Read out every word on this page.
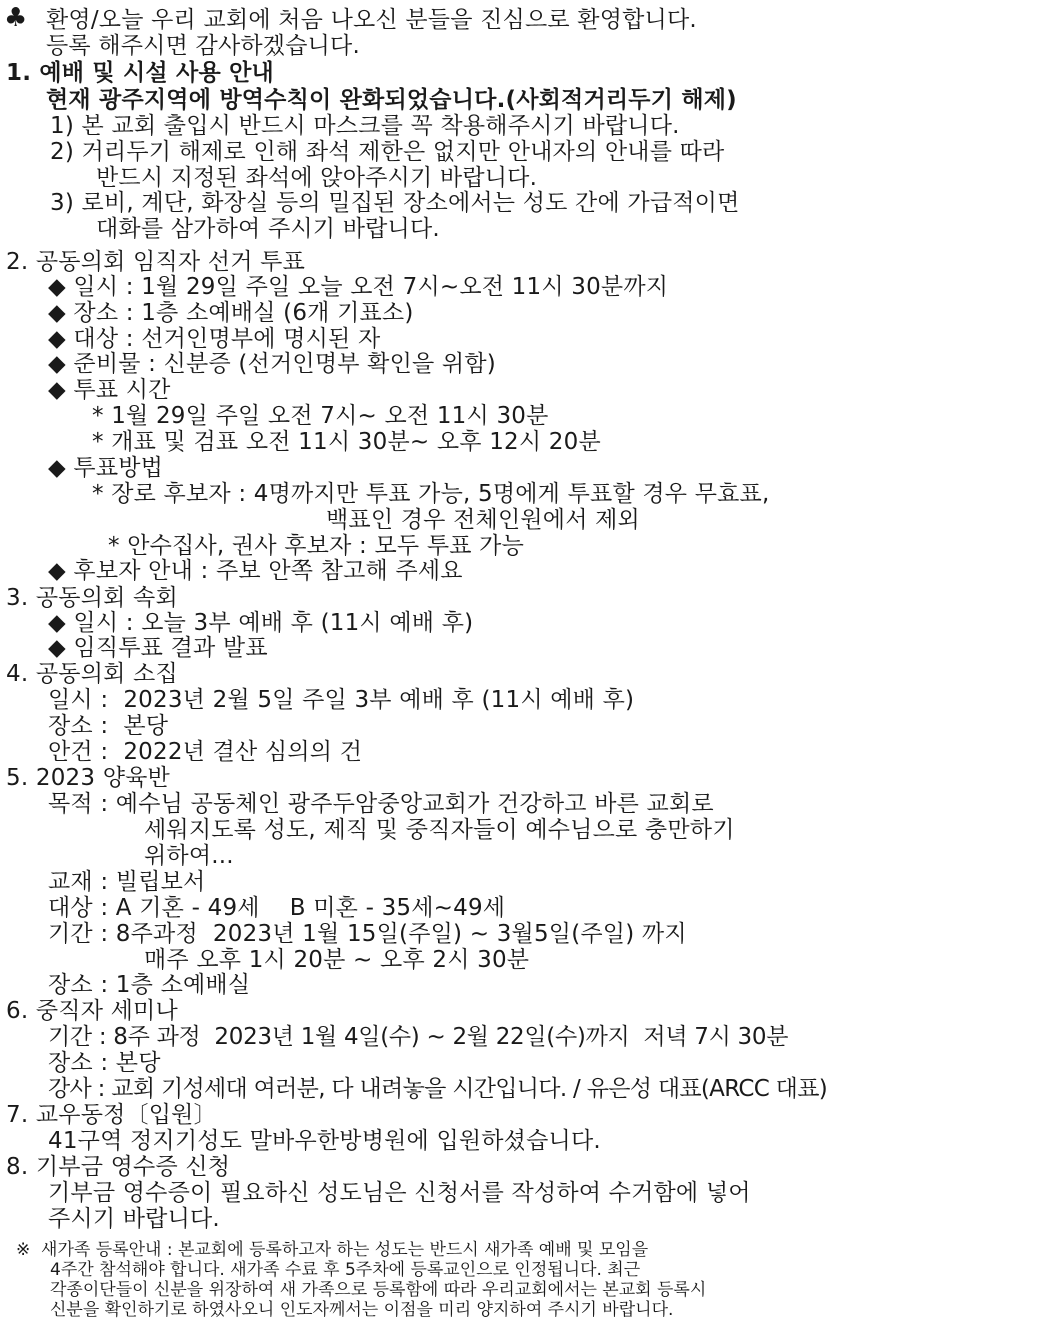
♣ 환영/오늘 우리 교회에 처음 나오신 분들을 진심으로 환영합니다.
등록 해주시면 감사하겠습니다.
1. 예배 및 시설 사용 안내
현재 광주지역에 방역수칙이 완화되었습니다.(사회적거리두기 해제)
1) 본 교회 출입시 반드시 마스크를 꼭 착용해주시기 바랍니다.
2) 거리두기 해제로 인해 좌석 제한은 없지만 안내자의 안내를 따라
반드시 지정된 좌석에 앉아주시기 바랍니다.
3) 로비, 계단, 화장실 등의 밀집된 장소에서는 성도 간에 가급적이면
대화를 삼가하여 주시기 바랍니다.
2. 공동의회 임직자 선거 투표
◆ 일시 : 1월 29일 주일 오늘 오전 7시~오전 11시 30분까지
◆ 장소 : 1층 소예배실 (6개 기표소)
◆ 대상 : 선거인명부에 명시된 자
◆ 준비물 : 신분증 (선거인명부 확인을 위함)
◆ 투표 시간
* 1월 29일 주일 오전 7시~ 오전 11시 30분
* 개표 및 검표 오전 11시 30분~ 오후 12시 20분
◆ 투표방법
* 장로 후보자 : 4명까지만 투표 가능, 5명에게 투표할 경우 무효표,
백표인 경우 전체인원에서 제외
* 안수집사, 권사 후보자 : 모두 투표 가능
◆ 후보자 안내 : 주보 안쪽 참고해 주세요
3. 공동의회 속회
◆ 일시 : 오늘 3부 예배 후 (11시 예배 후)
◆ 임직투표 결과 발표
4. 공동의회 소집
일시 :  2023년 2월 5일 주일 3부 예배 후 (11시 예배 후)
장소 :  본당
안건 :  2022년 결산 심의의 건
5. 2023 양육반
목적 : 예수님 공동체인 광주두암중앙교회가 건강하고 바른 교회로
세워지도록 성도, 제직 및 중직자들이 예수님으로 충만하기
위하여...
교재 : 빌립보서
대상 : A 기혼 - 49세    B 미혼 - 35세~49세
기간 : 8주과정  2023년 1월 15일(주일) ~ 3월5일(주일) 까지
매주 오후 1시 20분 ~ 오후 2시 30분
장소 : 1층 소예배실
6. 중직자 세미나
기간 : 8주 과정  2023년 1월 4일(수) ~ 2월 22일(수)까지  저녁 7시 30분
장소 : 본당
강사 : 교회 기성세대 여러분, 다 내려놓을 시간입니다. / 유은성 대표(ARCC 대표)
7. 교우동정〔입원〕
41구역 정지기성도 말바우한방병원에 입원하셨습니다.
8. 기부금 영수증 신청
기부금 영수증이 필요하신 성도님은 신청서를 작성하여 수거함에 넣어
주시기 바랍니다.
※  새가족 등록안내 : 본교회에 등록하고자 하는 성도는 반드시 새가족 예배 및 모임을
4주간 참석해야 합니다. 새가족 수료 후 5주차에 등록교인으로 인정됩니다. 최근
각종이단들이 신분을 위장하여 새 가족으로 등록함에 따라 우리교회에서는 본교회 등록시
신분을 확인하기로 하였사오니 인도자께서는 이점을 미리 양지하여 주시기 바랍니다.
